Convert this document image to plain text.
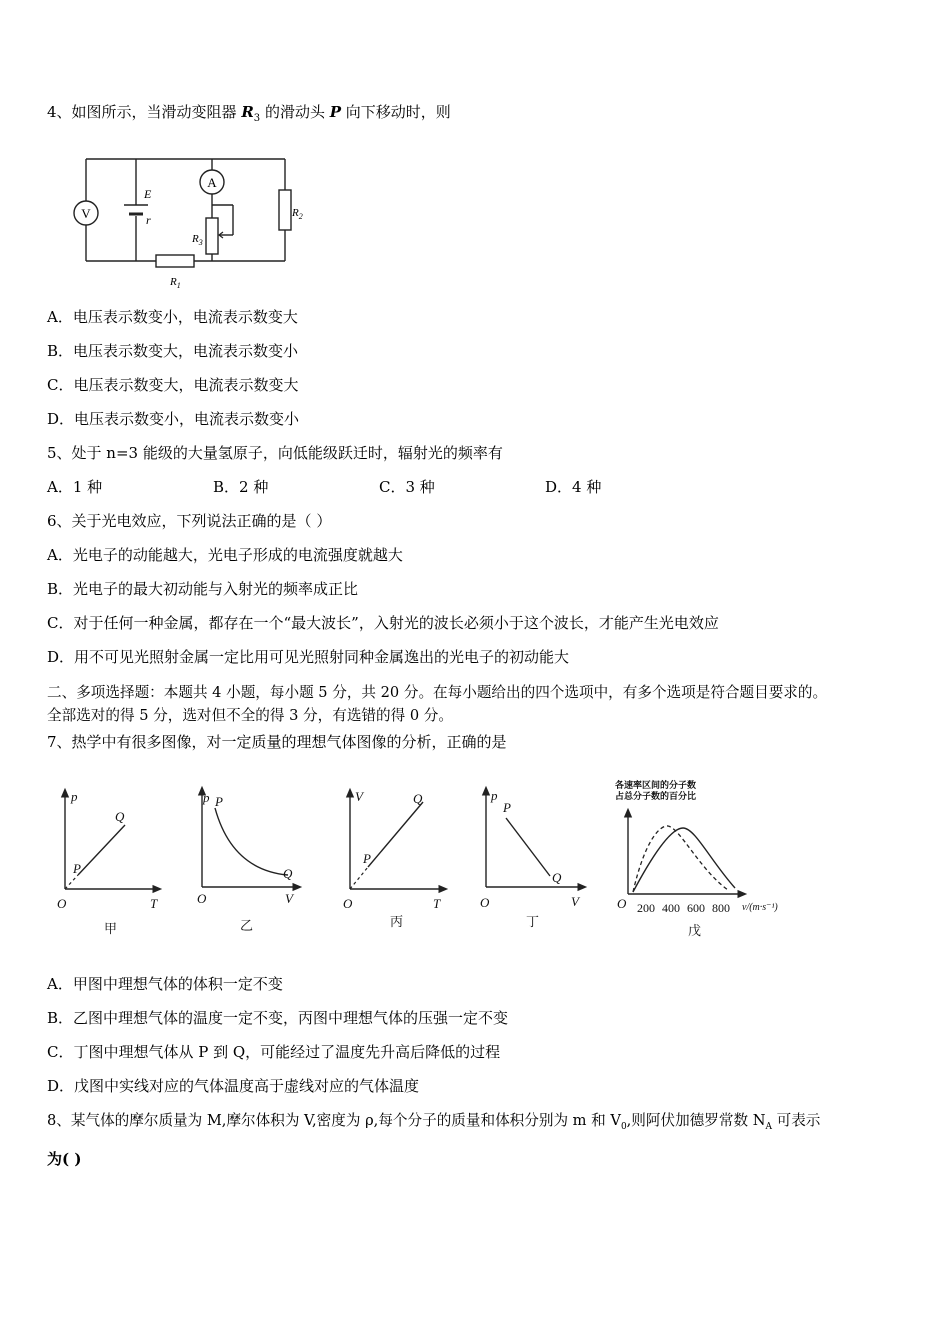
4、如图所示，当滑动变阻器 $R_3$ 的滑动头 P 向下移动时，则
V
E
r
A
$R_3$
$R_1$
$R_2$
A．电压表示数变小，电流表示数变大
B．电压表示数变大，电流表示数变小
C．电压表示数变大，电流表示数变大
D．电压表示数变小，电流表示数变小
5、处于 n=3 能级的大量氢原子，向低能级跃迁时，辐射光的频率有
A．1 种	B．2 种	C．3 种	D．4 种
6、关于光电效应，下列说法正确的是（ ）
A．光电子的动能越大，光电子形成的电流强度就越大
B．光电子的最大初动能与入射光的频率成正比
C．对于任何一种金属，都存在一个“最大波长”，入射光的波长必须小于这个波长，才能产生光电效应
D．用不可见光照射金属一定比用可见光照射同种金属逸出的光电子的初动能大
二、多项选择题：本题共 4 小题，每小题 5 分，共 20 分。在每小题给出的四个选项中，有多个选项是符合题目要求的。
全部选对的得 5 分，选对但不全的得 3 分，有选错的得 0 分。
7、热学中有很多图像，对一定质量的理想气体图像的分析，正确的是
p
T
O
P
Q
甲
p
V
O
P
Q
乙
V
T
O
P
Q
丙
p
V
O
P
Q
丁
各速率区间的分子数
占总分子数的百分比
O 200 400 600 800 v/(m·s⁻¹)
戊
A．甲图中理想气体的体积一定不变
B．乙图中理想气体的温度一定不变，丙图中理想气体的压强一定不变
C．丁图中理想气体从 P 到 Q，可能经过了温度先升高后降低的过程
D．戊图中实线对应的气体温度高于虚线对应的气体温度
8、某气体的摩尔质量为 M,摩尔体积为 V,密度为 ρ,每个分子的质量和体积分别为 m 和 $V_0$,则阿伏加德罗常数 $N_A$ 可表示
为( )
